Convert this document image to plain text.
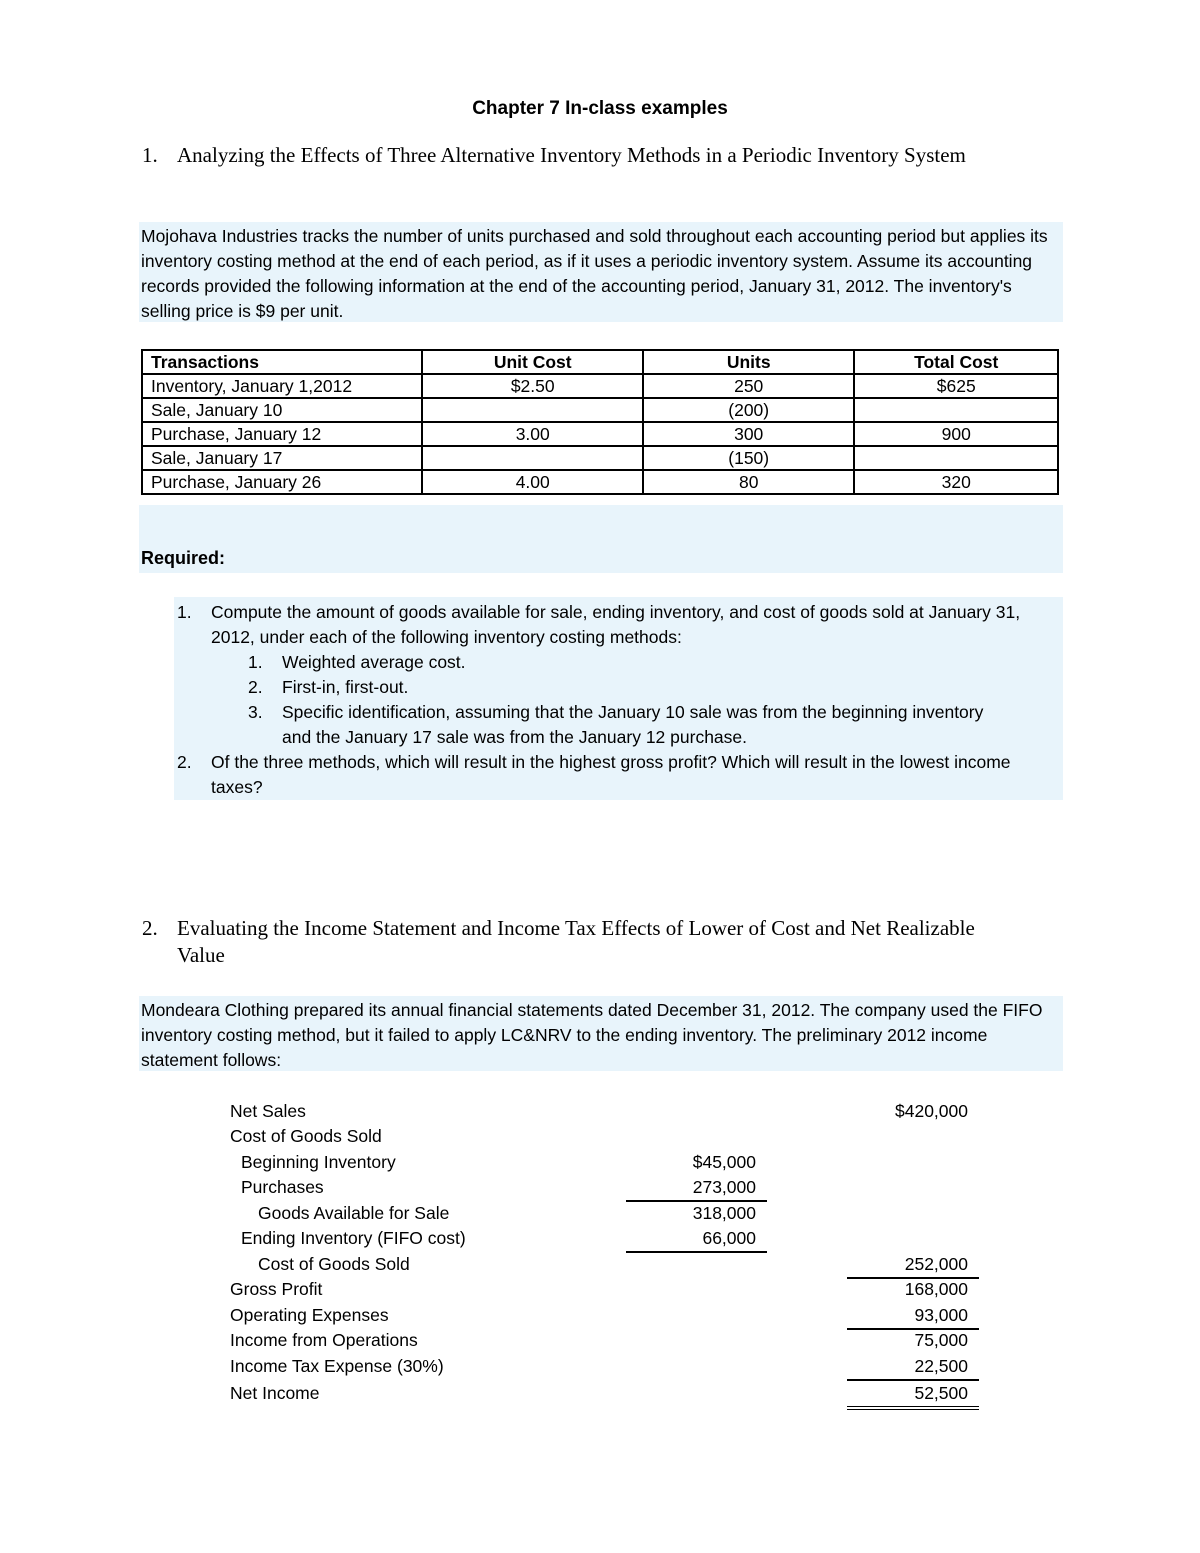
Chapter 7 In-class examples
1. Analyzing the Effects of Three Alternative Inventory Methods in a Periodic Inventory System
Mojohava Industries tracks the number of units purchased and sold throughout each accounting period but applies its inventory costing method at the end of each period, as if it uses a periodic inventory system. Assume its accounting records provided the following information at the end of the accounting period, January 31, 2012. The inventory's selling price is $9 per unit.
Transactions	Unit Cost	Units	Total Cost
Inventory, January 1,2012	$2.50	250	$625
Sale, January 10		(200)	
Purchase, January 12	3.00	300	900
Sale, January 17		(150)	
Purchase, January 26	4.00	80	320
Required:
1. Compute the amount of goods available for sale, ending inventory, and cost of goods sold at January 31, 2012, under each of the following inventory costing methods:
1. Weighted average cost.
2. First-in, first-out.
3. Specific identification, assuming that the January 10 sale was from the beginning inventory and the January 17 sale was from the January 12 purchase.
2. Of the three methods, which will result in the highest gross profit? Which will result in the lowest income taxes?
2. Evaluating the Income Statement and Income Tax Effects of Lower of Cost and Net Realizable Value
Mondeara Clothing prepared its annual financial statements dated December 31, 2012. The company used the FIFO inventory costing method, but it failed to apply LC&NRV to the ending inventory. The preliminary 2012 income statement follows:
Net Sales	$420,000
Cost of Goods Sold
Beginning Inventory	$45,000
Purchases	273,000
Goods Available for Sale	318,000
Ending Inventory (FIFO cost)	66,000
Cost of Goods Sold	252,000
Gross Profit	168,000
Operating Expenses	93,000
Income from Operations	75,000
Income Tax Expense (30%)	22,500
Net Income	52,500
